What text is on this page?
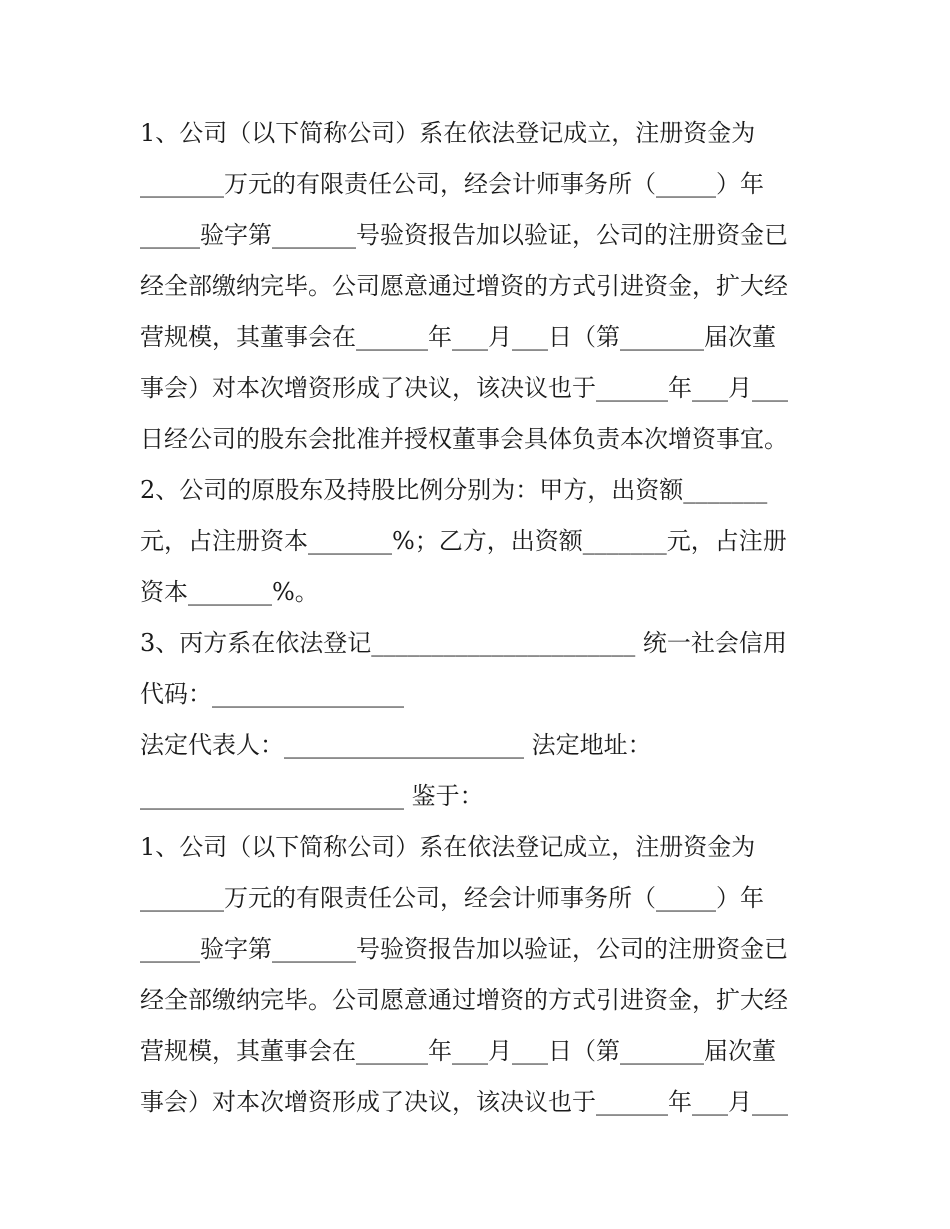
1、公司（以下简称公司）系在依法登记成立，注册资金为
_______万元的有限责任公司，经会计师事务所（_____）年
_____验字第_______号验资报告加以验证，公司的注册资金已
经全部缴纳完毕。公司愿意通过增资的方式引进资金，扩大经
营规模，其董事会在______年___月___日（第_______届次董
事会）对本次增资形成了决议，该决议也于______年___月___
日经公司的股东会批准并授权董事会具体负责本次增资事宜。
2、公司的原股东及持股比例分别为：甲方，出资额_______
元，占注册资本_______%；乙方，出资额_______元，占注册
资本_______%。
3、丙方系在依法登记______________________ 统一社会信用
代码：________________
法定代表人：____________________ 法定地址：
______________________ 鉴于：
1、公司（以下简称公司）系在依法登记成立，注册资金为
_______万元的有限责任公司，经会计师事务所（_____）年
_____验字第_______号验资报告加以验证，公司的注册资金已
经全部缴纳完毕。公司愿意通过增资的方式引进资金，扩大经
营规模，其董事会在______年___月___日（第_______届次董
事会）对本次增资形成了决议，该决议也于______年___月___
